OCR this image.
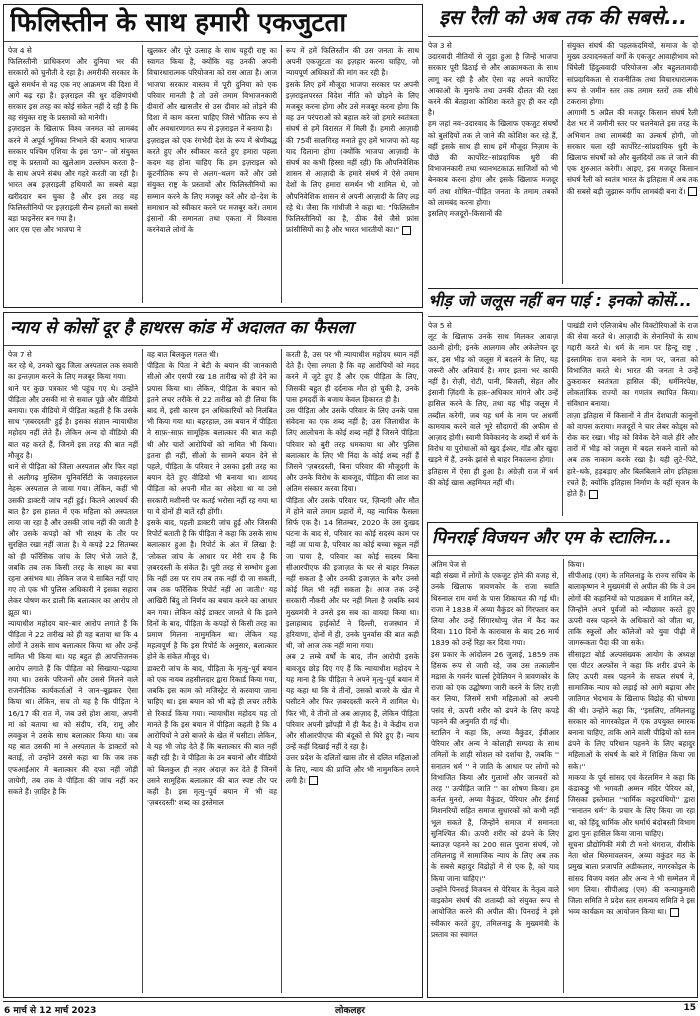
फिलिस्तीन के साथ हमारी एकजुटता
पेज 4 से
फिलिस्तीनी प्राधिकरण और दुनिया भर की सरकारों को चुनौती दे रहा है। अमरीकी सरकार के खुले समर्थन से वह एक नए आक्रमण की दिशा में आगे बढ़ रहा है। इज़राइल की धुर दक्षिणपंथी सरकार इस तरह का कोई संकेत नहीं दे रही है कि वह संयुक्त राष्ट्र के प्रस्तावों को मानेगी।
इज़राइल के खिलाफ विश्व जनमत को लामबंद करने में अपूर्व भूमिका निभाने की बजाय भाजपा सरकार पश्चिम एशिया के इस 'ठग'– जो संयुक्त राष्ट्र के प्रस्तावों का खुलेआम उल्लंघन करता है– के साथ अपने संबंध और गहरे करती जा रही है। भारत अब इज़राइली हथियारों का सबसे बड़ा खरीददार बन चुका है और इस तरह वह फिलिस्तीनियों पर इज़राइली सैन्य हमलों का सबसे बड़ा फाइनेंसर बन गया है।
आर एस एस और भाजपा ने
खुलकर और पूरे उत्साह के साथ यहूदी राष्ट्र का स्वागत किया है, क्योंकि यह उनकी अपनी विचारधारात्मक परियोजना को रास आता है। आज भाजपा सरकार वास्तव में पूरी दुनिया को एक परिवार मानती है तो उसे तमाम विभाजनकारी दीवारों और खासतौर से उस दीवार को तोड़ने की दिशा में काम करना चाहिए जिसे भौतिक रूप से और अवधारणागत रूप से इज़राइल ने बनाया है।
इज़राइल को एक रंगभेदी देश के रूप में श्रेणीबद्ध करते हुए और स्वीकार करते हुए हमारा पहला कदम यह होना चाहिए कि हम इज़राइल को कूटनीतिक रूप से अलग–थलग करें और उसे संयुक्त राष्ट्र के प्रस्तावों और फिलिस्तीनियों का सम्मान करने के लिए मजबूर करें और दो–देश के समाधान को स्वीकार करने पर मजबूर करें। तमाम इंसानों की समानता तथा एकता में विश्वास करनेवाले लोगों के
रूप में हमें फिलिस्तीन की उस जनता के साथ अपनी एकजुटता का इज़हार करना चाहिए, जो न्यायपूर्ण अधिकारों की मांग कर रही है।
इसके लिए हमें मौजूदा भाजपा सरकार पर अपनी इज़राइलपरस्त विदेश नीति को छोड़ने के लिए मजबूर करना होगा और उसे मजबूर करना होगा कि वह उन परंपराओं को बहाल करे जो हमारे स्वतंत्रता संघर्ष से हमें विरासत में मिली हैं। हमारी आज़ादी की 75वीं सालगिरह मनाते हुए हमें भाजपा को यह याद दिलाना होगा (क्योंकि भाजपा आज़ादी के संघर्ष का कभी हिस्सा नहीं रही) कि औपनिवेशिक शासन से आज़ादी के हमारे संघर्ष में ऐसे तमाम देशों के लिए हमारा समर्थन भी शामिल थे, जो औपनिवेशिक शासन से अपनी आज़ादी के लिए लड़ रहे थे। जैसा कि गांधीजी ने कहा था: "फिलिस्तीन फिलिस्तीनियों का है, ठीक वैसे जैसे फ्रांस फ्रांसीसियों का है और भारत भारतीयों का।"
इस रैली को अब तक की सबसे...
पेज 3 से
उदारवादी नीतियों से जुड़ा हुआ है जिन्हें भाजपा सरकार पूरी ढिठाई से और आक्रामकता के साथ लागू कर रही है और ऐसा वह अपने कार्पोरेट आकाओं के मुनाफे तथा उनकी दौलत की रक्षा करने की बेतहाशा कोशिश करते हुए ही कर रही है।
हम जहां नव–उदारवाद के खिलाफ एकजुट संघर्षों को बुलंदियों तक ले जाने की कोशिश कर रहे हैं, वहीं इसके साथ ही साथ हमें मौजूदा निज़ाम के पीछे की कार्पोरेट–सांप्रदायिक धुरी की विभाजनकारी तथा ध्यानभटकाऊ साजिशों को भी बेनकाब करना होगा और इसके खिलाफ मजदूर वर्ग तथा शोषित–पीड़ित जनता के तमाम तबकों को लामबंद करना होगा।
इसलिए मजदूरों–किसानों की
संयुक्त संघर्ष की पहलकदमियों, समाज के दो मुख्य उत्पादनकर्ता वर्गों के एकजुट आवाहीभाव को चिंघेली हिंदुत्ववादी परियोजना और बहुलतावादी सांप्रदायिकता से राजनीतिक तथा विचारधारात्मक रूप से जमीन स्तर तक तमाम स्तरों तक सीधे टकराना होगा।
आगामी 5 अप्रैल की मजदूर किसान संघर्ष रैली देश भर में जमीनी स्तर पर चलनेवाले इस तरह के अभियान तथा लामबंदी का उल्कर्ष होगी, जो सरकार चला रही कार्पोरेट–सांप्रदायिक धुरी के खिलाफ संघर्षों को और बुलंदियों तक ले जाने की एक शुरुआत करेगी। आइए, इस मजदूर किसान संघर्ष रैली को स्वतंत्र भारत के इतिहास में अब तक की सबसे बड़ी जुझारू वर्गीय लामबंदी बना दें।
भीड़ जो जलूस नहीं बन पाई : इनको कोसें...
पेज 5 से
लूट के खिलाफ उनके साथ मिलकर आवाज़ उठानी होगी; इनके आलगाव और अकेलेपन दूर कर, इस भीड़ को जलूस में बदलने के लिए, यह जरूरी और अनिवार्य है। मगर इतना भर काफी नहीं है। रोज़ी, रोटी, पानी, बिजली, सेहत और इंसानी ज़िंदगी के हक़–अधिकार मांगने और उन्हें हासिल करने के लिए, तथा यह भीड़ जलूस में तब्दील करेगी, जब यह धर्म के नाम पर अधर्मी कामयाब करने वाले भूरे सौदागरों की अफीम से आज़ाद होगी। स्वामी विवेकानंद के शब्दों में धर्म के विरोध या पुरोधाओं को खुद ईश्वर, गॉड और खुदा खड़ने में हैं, उनके झांसे से बाहर निकालना होगा।
इतिहास में ऐसा ही हुआ है। अंग्रेज़ी राज में धर्म की कोई खास अहमियत नहीं थी।
पाखंडी राणे एलिजाबेथ और विक्टोरियाओं के राज की सेवा करते थे। आज़ादी के सेनानियों के साथ गद्दारी करते थे। धर्म के नाम पर हिन्दू राष्ट्र , इस्लामिक राज बनाने के नाम पर, जनता को विभाजित करते थे। भारत की जनता ने उन्हें ठुकराकर स्वतंत्रता हासिल की; धर्मनिरपेक्ष, लोकतांत्रिक राज्यों का गणतंत्र स्थापित किया। संविधान बनाया।
ताज़ा इतिहास में किसानों ने तीन देशघाती कानूनों को वापस कराया। मजदूरों ने चार लेबर कोड्स को रोक कर रखा। भीड़ को विवेक देने वाले हीरे और तारों में भीड़ को जलूस में बदल सकने वालों को अब तक नाकाम करके रखा है। यही लुटे–पिटे, हारे–थके, हड़बड़ाए और बिलबिलाने लोग इतिहास रचते हैं; क्योंकि इतिहास निर्माण के यहीं सृजन के होते हैं।
न्याय से कोसों दूर है हाथरस कांड में अदालत का फैसला
पेज 7 से
कर रहे थे, उनको खुद जिला अस्पताल तक सवारी का इन्तज़ाम करने के लिए मजबूर किया गया।
थाने पर कुछ पत्रकार भी पहुंच गए थे। उन्होंने पीड़िता और उसकी मां से सवाल पूछे और वीडियो बनाया। एक वीडियो में पीड़िता कहती है कि उसके साथ 'ज़बरदस्ती' हुई है। इसका संज्ञान न्यायाधीश महोदय नहीं लेते हैं। लेकिन अन्य दो वीडियो की बात वह करते हैं, जिनमें इस तरह की बात नहीं मौजूद है।
थाने से पीड़िता को जिला अस्पताल और फिर वहां से अलीगढ़ मुस्लिम यूनिवर्सिटी के जवाहरलाल नेहरू अस्पताल ले जाया गया। लेकिन, कहीं भी उसकी डाक्टरी जांच नहीं हुई। कितने आश्चर्य की बात है? इस हालत में एक महिला को अस्पताल लाया जा रहा है और उसकी जांच नहीं की जाती है और उसके कपड़ों को भी साक्ष्य के तौर पर सुरक्षित रखा नहीं जाता है। ये कपड़े 22 सितम्बर को ही फॉरेंसिक जांच के लिए भेजे जाते हैं, जबकि तब तक किसी तरह के साक्ष्य का बचा रहना असंभव था। लेकिन जज ये साबित नहीं पाए गए तो एक भी पुलिस अधिकारी ने इसका सहारा लेकर पोषण कर डाली कि बलात्कार का आरोप तो झूठा था।
न्यायाधीश महोदय बार–बार आरोप लगाते हैं कि पीड़िता ने 22 तारीख को ही यह बताया था कि 4 लोगों ने उसके साथ बलात्कार किया था और उन्हें नामित भी किया था। यह बहुत ही आपत्तिजनक आरोप लगाते हैं कि पीड़िता को सिखाया–पढ़ाया गया था। उसके परिजनों और उससे मिलने वाले राजनीतिक कार्यकर्ताओं ने जान–बूझकर ऐसा किया था। लेकिन, सच तो यह है कि पीड़िता ने 16/17 की रात में, जब उसे होश आया, अपनी मां को बताया था को संदीप, रवि, रामू और लवकुश ने उसके साथ बलात्कार किया था। जब यह बात उसकी मां ने अस्पताल के डाक्टरों को बताई, तो उन्होंने उससे कहा था कि जब तक एफआईआर में बलात्कार की दफा नहीं जोड़ी जायेगी, तब तक वे पीड़िता की जांच नहीं कर सकते हैं। ज़ाहिर है कि
वह बात बिलकुल गलत थी।
पीड़िता के पिता ने बेटी के बयान की जानकारी सीओ और एसपी रख 18 तारीख को ही देने का प्रयास किया था। लेकिन, पीड़िता के बयान को इतने लचर तरीके से 22 तारीख को ही लिया कि बाद में, इसी कारण इन अधिकारियों को निलंबित भी किया गया था। बहरहाल, उस बयान में पीड़िता ने साफ़–साफ़ सामूहिक बलात्कार की बात कही थी और चारों आरोपियों को नामित भी किया। इतना ही नहीं, सीओ के सामने बयान देने से पहले, पीड़िता के परिवार ने उसका इसी तरह का बयान देते हुए वीडियो भी बनाया था। शायद पीड़िता को अपनी मौत का अंदेशा था या उसे सरकारी मशीनरी पर कतई भरोसा नहीं रह गया था या ये दोनों ही बातें रही होंगी।
इसके बाद, पहली डाक्टरी जांच हुई और जिसकी रिपोर्ट बताती है कि पीड़िता ने कहा कि उसके साथ बलात्कार हुआ है। रिपोर्ट के अंत में लिखा है: 'लोकल जांच के आधार पर मेरी राय है कि ज़बरदस्ती के संकेत हैं। पूरी तरह से सम्भोग हुआ कि नहीं उस पर राय तब तक नहीं दी जा सकती, जब तक फॉरेंसिक रिपोर्ट नहीं आ जाती।' यह आखिरी बिंदु तो निर्णय का बचाव करने का आधार बन गया। लेकिन कोई डाक्टर जानते थे कि इतने दिनों के बाद, पीड़िता के कपड़ों से किसी तरह का प्रमाण मिलना नामुमकिन था। लेकिन यह महत्वपूर्ण है कि इस रिपोर्ट के अनुसार, बलात्कार होने के संकेत मौजूद थे।
डाक्टरी जांच के बाद, पीड़िता के मृत्यु–पूर्व बयान को एक नायब तहसीलदार द्वारा रिकार्ड किया गया, जबकि इस काम को मजिस्ट्रेट से करवाया जाना चाहिए था। इस बयान को भी बड़े ही लचर तरीके से रिकार्ड किया गया। न्यायाधीश महोदय यह तो मानते हैं कि इस बयान में पीड़िता कहती है कि 4 आरोपियों ने उसे बाजरे के खेत में घसीटा। लेकिन, वे यह भी जोड़ देते हैं कि बलात्कार की बात नहीं कही रही है। वे पीड़िता के उन बयानों और वीडियो को बिलकुल ही नज़र अंदाज़ कर देते हैं जिनमें उसने सामूहिक बलात्कार की बात स्पष्ट तौर पर कही है। इस मृत्यु–पूर्व बयान में भी वह 'ज़बरदस्ती' शब्द का इस्तेमाल
करती है, उस पर भी न्यायाधीश महोदय ध्यान नहीं देते हैं। ऐसा लगता है कि वह आरोपियों को मदद करने में जुटे हुए हैं और एक पीड़िता के लिए, जिसकी बहुत ही दर्दनाक मौत हो चुकी है, उनके पास हमदर्दी के बजाय केवल हिकारत ही है।
उस पीड़िता और उसके परिवार के लिए उनके पास संवेदना का एक शब्द नहीं है; उस जिलाधीश के लिए आलोचना के कोई शब्द नहीं हैं जिसने पीड़िता परिवार को बुरी तरह धमकाया था और पुलिस बलात्कार के लिए भी निंदा के कोई शब्द नहीं हैं जिसने 'ज़बरदस्ती, बिना परिवार की मौजूदगी के और उनके विरोध के बावजूद, पीड़िता की लाश का अंतिम संस्कार करवा दिया।
पीड़िता और उसके परिवार पर, ज़िन्दगी और मौत में होने वाले तमाम प्रहारों में, यह न्यायिक फैसला सिर्फ एक है। 14 सितम्बर, 2020 के उस दुःखद घटना के बाद से, परिवार का कोई सदस्य काम पर नहीं जा पाया है, परिवार का कोई बच्चा स्कूल नहीं जा पाया है, परिवार का कोई सदस्य बिना सीआरपीएफ की इजाज़त के घर से बाहर निकल नहीं सकता है और उनकी इजाज़त के बगैर उनसे कोई मिल भी नहीं सकता है। आज तक उन्हें सरकारी नौकरी और घर नहीं मिला है जबकि स्वयं मुख्यमंत्री ने उनसे इस सब का वायदा किया था। इलाहाबाद हाईकोर्ट ने दिल्ली, राजस्थान में हरियाणा, दोनों में ही, उनके पुनर्वास की बात कही थी, जो आज तक नहीं माना गया।
अब 2 लम्बे वर्षों के बाद, तीन आरोपी इसके बावजूद छोड़ दिए गए हैं कि न्यायाधीश महोदय ने यह माना है कि पीड़िता ने अपने मृत्यु–पूर्व बयान में यह कहा था कि वे तीनों, उसको बाजरे के खेत में घसीटने और फिर ज़बरदस्ती करने में शामिल थे। फिर भी, वे तीनों तो अब आज़ाद हैं, लेकिन पीड़िता परिवार अपनी झोंपड़ी में ही कैद है। वे केंद्रीय राज और सीआरपीएफ की बंदूकों से घिरे हुए हैं। न्याय उन्हें कहीं दिखाई नहीं दे रहा है।
उत्तर प्रदेश के दलितों खास तौर से दलित महिलाओं के लिए, न्याय की प्राप्ति और भी नामुमकिन लगने लगी है।
पिनराई विजयन और एम के स्टालिन...
अंतिम पेज से
बड़ी संख्या में लोगों के एकजुट होने की वजह से, उनके खिलाफ त्रावणकोर के राजा स्वाति थिरुनाल राम वर्मा के पास शिकायत की गई थी। राजा ने 1838 में अय्या वैकुंडर को गिरफ्तार कर लिया और उन्हें सिंगारथोप्पु जेल में कैद कर दिया। 110 दिनों के कारावास के बाद 26 मार्च 1839 को उन्हें रिहा कर दिया गया।
इस प्रकार के आंदोलन 26 जुलाई, 1859 तक हिंसक रूप से जारी रहे, जब उस तत्कालीन मद्रास के गवर्नर चार्ल्स ट्रेवेलियन ने त्रावणकोर के राजा को एक उद्घोषणा जारी करने के लिए राज़ी कर लिया, जिसमें सभी महिलाओं को अपनी पसंद से, ऊपरी शरीर को ढंपने के लिए कपड़े पहनने की अनुमति दी गई थी।
स्टालिन ने कहा कि, अय्या वैकुंडर, ईवीआर पेरियार और अन्य ने कोलाही सम्पदा के साथ तमिलों के शाही सोशल को दर्शाया है, जबकि '' सनातन धर्म '' ने जाति के आधार पर लोगों को विभाजित किया और गुलामों और जानवरों को तरह '' उत्पीड़ित जाति '' का शोषण किया। हम कर्नल मुनरो, अय्या वैकुंडर, पेरियार और ईसाई मिशनरियों सहित समाज सुधारकों को कभी नहीं भूल सकते हैं, जिन्होंने समाज में समानता सुनिश्चित की। ऊपरी शरीर को ढंपने के लिए ब्लाउज़ पहनने का 200 साल पुराना संघर्ष, जो तमिलनाडु में सामाजिक न्याय के लिए अब तक के सबसे बहादुर विद्रोहों में से एक है, को याद किया जाना चाहिए।''
उन्होंने पिनराई विजयन से पेरियार के नेतृत्व वाले वाइकोम संघर्ष की शताब्दी को संयुक्त रूप से आयोजित करने की अपील की। पिनराई ने इसे स्वीकार करते हुए, तमिलनाडु के मुख्यमंत्री के प्रस्ताव का स्वागत
किया।
सीपीआइ (एम) के तमिलनाडु के राज्य सचिव के बालाकृष्णन ने मुख्यमंत्री से अपील की कि वे उन लोगों की कहानियों को पाठ्यक्रम में शामिल करें, जिन्होंने अपने पूर्वजों को न्यौछावर करते हुए ऊपरी वस्त्र पहनने के अधिकारों को जीता था, ताकि स्कूलों और कॉलेजों को युवा पीढ़ी में जागरूकता पैदा की जा सके।
सीसाइटा बोर्ड अल्पसंख्यक आयोग के अध्यक्ष एस पीटर अल्फोंस ने कहा कि शरीर ढंपने के लिए ऊपरी वस्त्र पहनने के सफल संघर्ष ने, सामाजिक न्याय को लड़ाई को आगे बढ़ाया और जातिगत भेदभाव के खिलाफ विद्रोह की घोषणा की थी। उन्होंने कहा कि, ''इसलिए, तमिलनाडु सरकार को नागरकोइल में एक उपयुक्त स्मारक बनाना चाहिए, ताकि आने वाली पीढ़ियों को स्तन ढंपने के लिए परिधान पहनने के लिए बहादुर महिलाओं के संघर्ष के बारे में शिक्षित किया जा सके।''
माकपा के पूर्व सांसद एवं केरलमिन ने कहा कि कंडाकड्डु भी भगवती अम्मन मंदिर पेरियर को, जिसका इस्तेमाल ''धार्मिक कट्टरपंथियों'' द्वारा ''सनातन धर्म'' के प्रचार के लिए किया जा रहा था, को हिंदू धार्मिक और धर्मार्थ बंदोबस्ती विभाग द्वारा पुनः हासिल किया जाना चाहिए।
सूचना प्रौद्योगिकी मंत्री टी मनो थंगराज, वीसीके नेता थोल थिरुमावलवन, अय्या वकुंडर मठ के प्रमुख बाला प्रजापति अडीकलार, नागरकोइल के सांसद विजय वसंत और अन्य ने भी सम्मेलन में भाग लिया। सीपीआइ (एम) की कन्याकुमारी जिला समिति ने प्रदेश स्तर समन्वय समिति ने इस भव्य कार्यक्रम का आयोजन किया था।
6 मार्च से 12 मार्च 2023	लोकलहर	15
